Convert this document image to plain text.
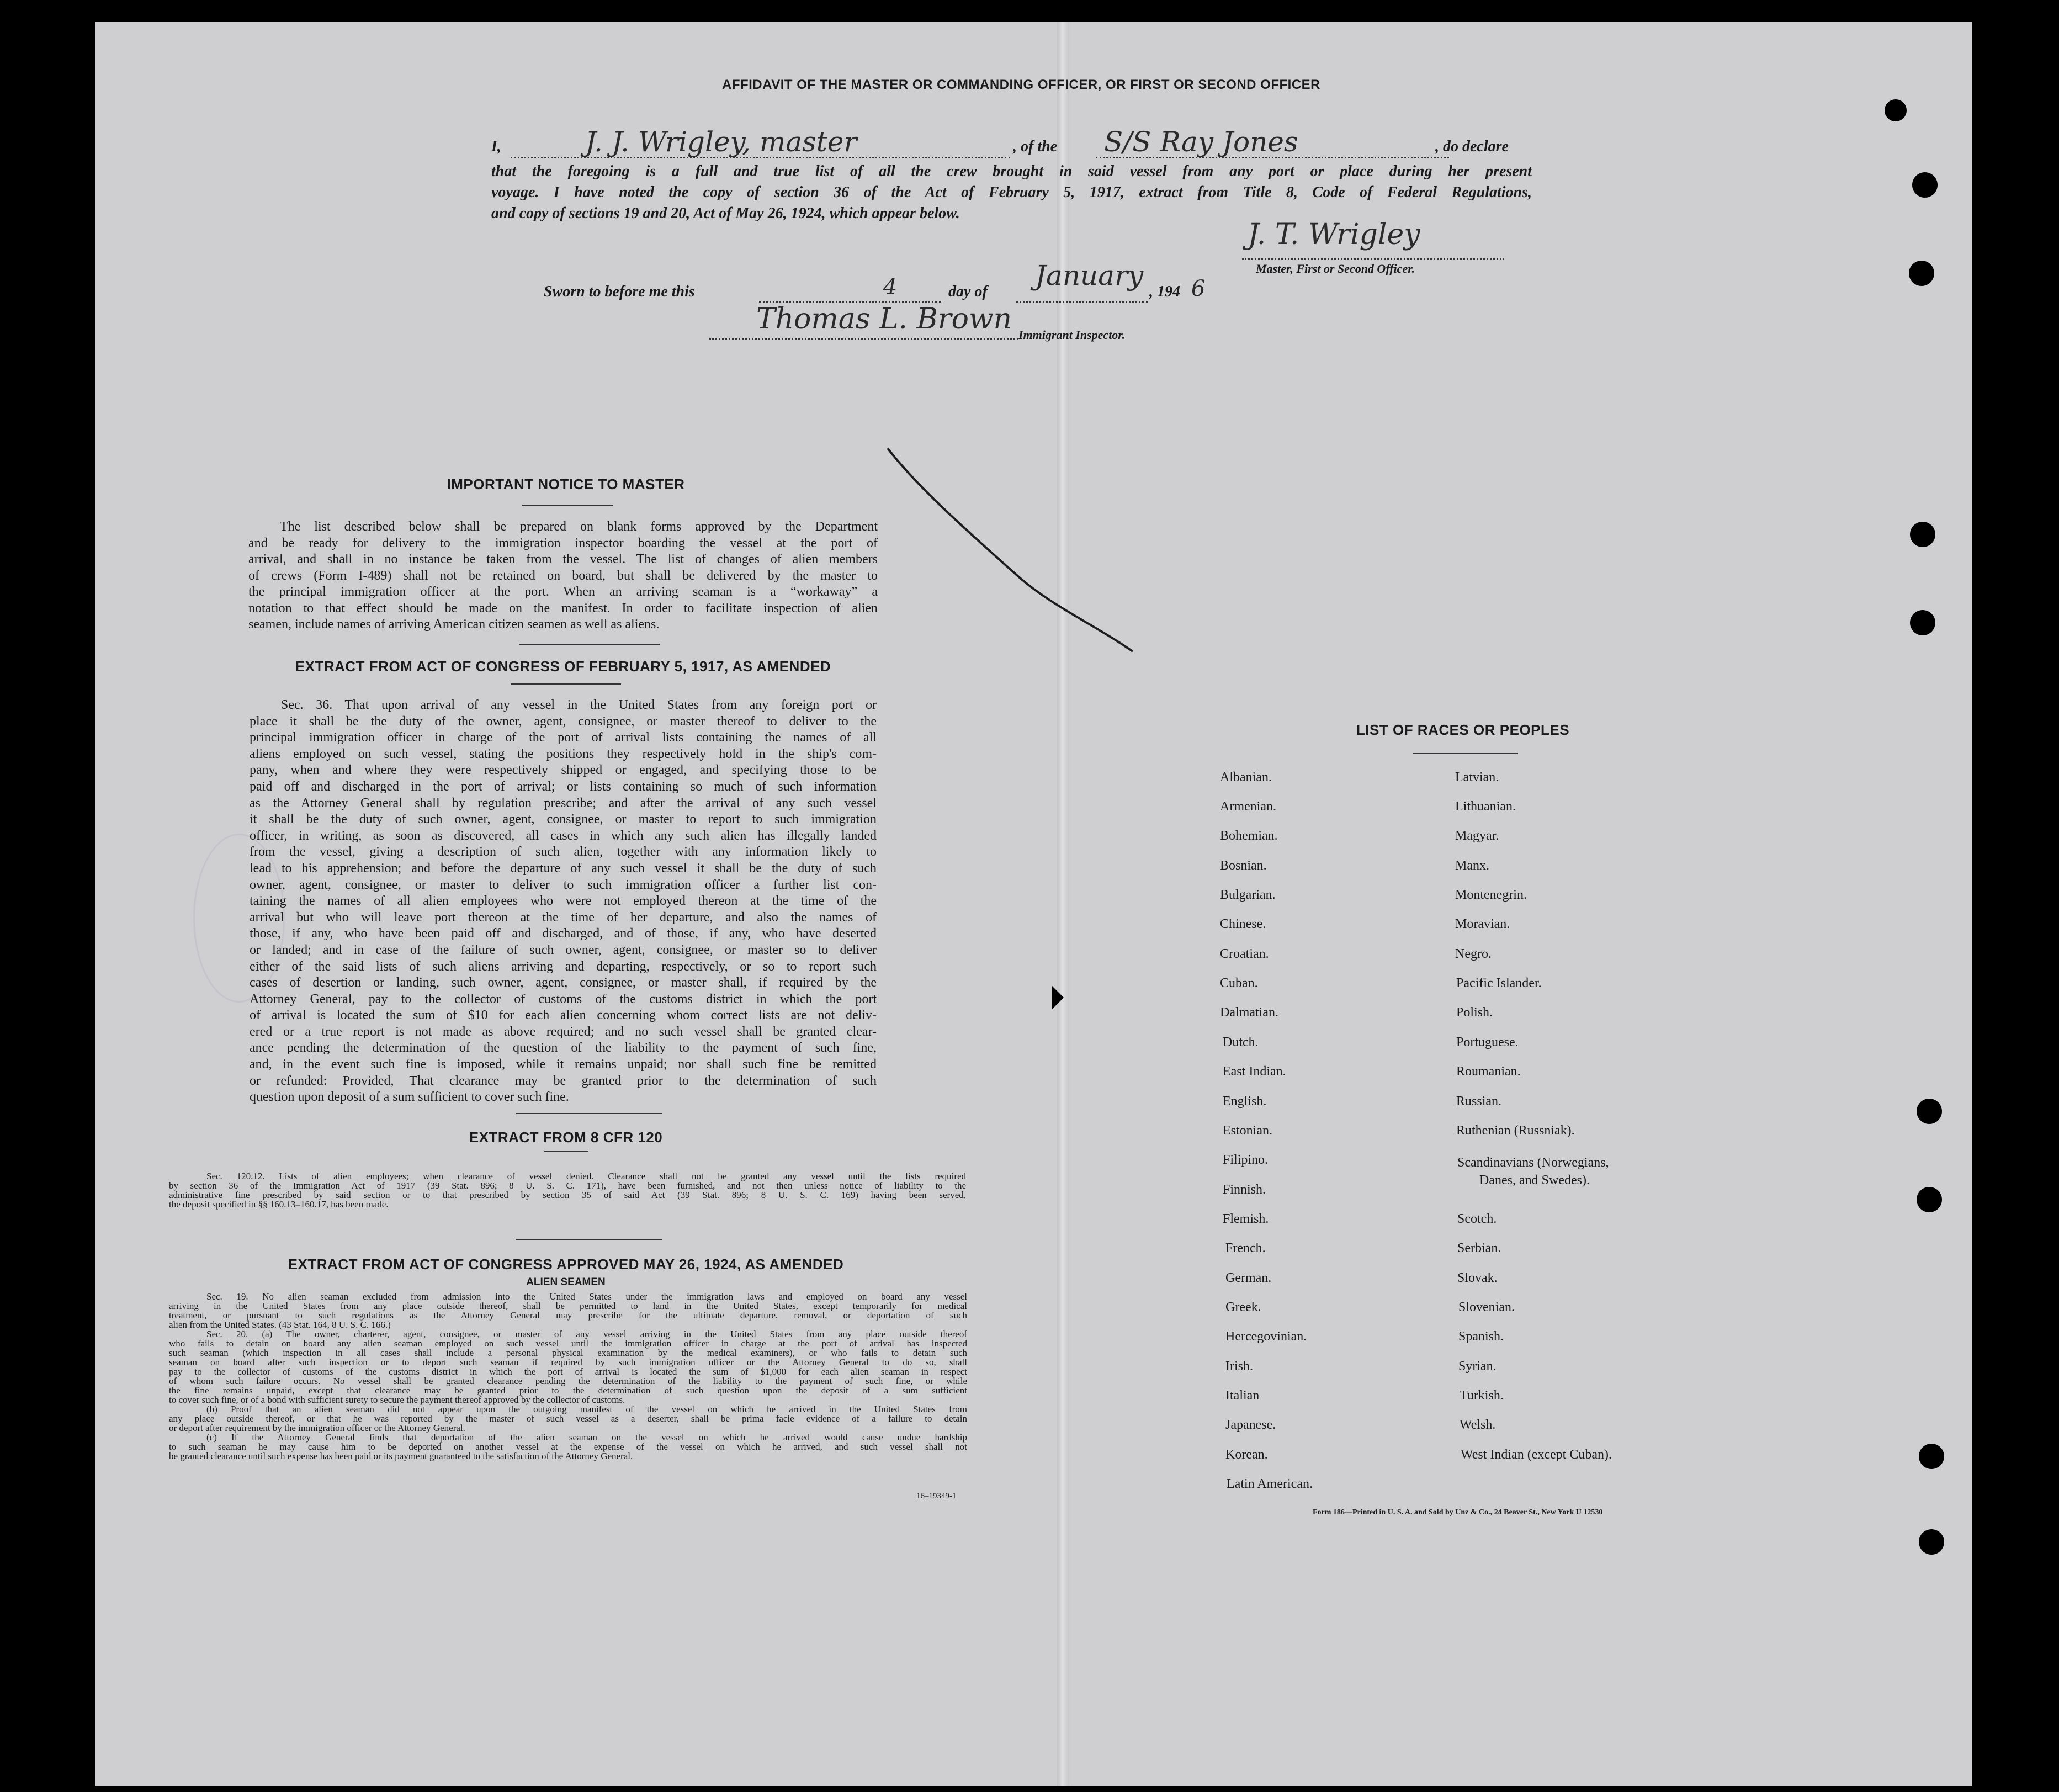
AFFIDAVIT OF THE MASTER OR COMMANDING OFFICER, OR FIRST OR SECOND OFFICER
I,	J. J. Wrigley, master	, of the S/S Ray Jones	, do declare
that the foregoing is a full and true list of all the crew brought in said vessel from any port or place during her present
voyage. I have noted the copy of section 36 of the Act of February 5, 1917, extract from Title 8, Code of Federal Regulations,
and copy of sections 19 and 20, Act of May 26, 1924, which appear below.
J. T. Wrigley
Master, First or Second Officer.
Sworn to before me this	4	day of
January
, 194 6
Thomas L. Brown Immigrant Inspector.
IMPORTANT NOTICE TO MASTER
The list described below shall be prepared on blank forms approved by the Department
and be ready for delivery to the immigration inspector boarding the vessel at the port of
arrival, and shall in no instance be taken from the vessel. The list of changes of alien members
of crews (Form I-489) shall not be retained on board, but shall be delivered by the master to
the principal immigration officer at the port. When an arriving seaman is a “workaway” a
notation to that effect should be made on the manifest. In order to facilitate inspection of alien
seamen, include names of arriving American citizen seamen as well as aliens.
EXTRACT FROM ACT OF CONGRESS OF FEBRUARY 5, 1917, AS AMENDED
Sec. 36. That upon arrival of any vessel in the United States from any foreign port or
place it shall be the duty of the owner, agent, consignee, or master thereof to deliver to the
principal immigration officer in charge of the port of arrival lists containing the names of all
aliens employed on such vessel, stating the positions they respectively hold in the ship's com-
pany, when and where they were respectively shipped or engaged, and specifying those to be
paid off and discharged in the port of arrival; or lists containing so much of such information
as the Attorney General shall by regulation prescribe; and after the arrival of any such vessel
it shall be the duty of such owner, agent, consignee, or master to report to such immigration
officer, in writing, as soon as discovered, all cases in which any such alien has illegally landed
from the vessel, giving a description of such alien, together with any information likely to
lead to his apprehension; and before the departure of any such vessel it shall be the duty of such
owner, agent, consignee, or master to deliver to such immigration officer a further list con-
taining the names of all alien employees who were not employed thereon at the time of the
arrival but who will leave port thereon at the time of her departure, and also the names of
those, if any, who have been paid off and discharged, and of those, if any, who have deserted
or landed; and in case of the failure of such owner, agent, consignee, or master so to deliver
either of the said lists of such aliens arriving and departing, respectively, or so to report such
cases of desertion or landing, such owner, agent, consignee, or master shall, if required by the
Attorney General, pay to the collector of customs of the customs district in which the port
of arrival is located the sum of $10 for each alien concerning whom correct lists are not deliv-
ered or a true report is not made as above required; and no such vessel shall be granted clear-
ance pending the determination of the question of the liability to the payment of such fine,
and, in the event such fine is imposed, while it remains unpaid; nor shall such fine be remitted
or refunded: Provided, That clearance may be granted prior to the determination of such
question upon deposit of a sum sufficient to cover such fine.
EXTRACT FROM 8 CFR 120
Sec. 120.12. Lists of alien employees; when clearance of vessel denied. Clearance shall not be granted any vessel until the lists required
by section 36 of the Immigration Act of 1917 (39 Stat. 896; 8 U. S. C. 171), have been furnished, and not then unless notice of liability to the
administrative fine prescribed by said section or to that prescribed by section 35 of said Act (39 Stat. 896; 8 U. S. C. 169) having been served,
the deposit specified in §§ 160.13–160.17, has been made.
EXTRACT FROM ACT OF CONGRESS APPROVED MAY 26, 1924, AS AMENDED
ALIEN SEAMEN
Sec. 19. No alien seaman excluded from admission into the United States under the immigration laws and employed on board any vessel
arriving in the United States from any place outside thereof, shall be permitted to land in the United States, except temporarily for medical
treatment, or pursuant to such regulations as the Attorney General may prescribe for the ultimate departure, removal, or deportation of such
alien from the United States. (43 Stat. 164, 8 U. S. C. 166.)
Sec. 20. (a) The owner, charterer, agent, consignee, or master of any vessel arriving in the United States from any place outside thereof
who fails to detain on board any alien seaman employed on such vessel until the immigration officer in charge at the port of arrival has inspected
such seaman (which inspection in all cases shall include a personal physical examination by the medical examiners), or who fails to detain such
seaman on board after such inspection or to deport such seaman if required by such immigration officer or the Attorney General to do so, shall
pay to the collector of customs of the customs district in which the port of arrival is located the sum of $1,000 for each alien seaman in respect
of whom such failure occurs. No vessel shall be granted clearance pending the determination of the liability to the payment of such fine, or while
the fine remains unpaid, except that clearance may be granted prior to the determination of such question upon the deposit of a sum sufficient
to cover such fine, or of a bond with sufficient surety to secure the payment thereof approved by the collector of customs.
(b) Proof that an alien seaman did not appear upon the outgoing manifest of the vessel on which he arrived in the United States from
any place outside thereof, or that he was reported by the master of such vessel as a deserter, shall be prima facie evidence of a failure to detain
or deport after requirement by the immigration officer or the Attorney General.
(c) If the Attorney General finds that deportation of the alien seaman on the vessel on which he arrived would cause undue hardship
to such seaman he may cause him to be deported on another vessel at the expense of the vessel on which he arrived, and such vessel shall not
be granted clearance until such expense has been paid or its payment guaranteed to the satisfaction of the Attorney General.
16–19349-1
LIST OF RACES OR PEOPLES
Albanian.
Armenian.
Bohemian.
Bosnian.
Bulgarian.
Chinese.
Croatian.
Cuban.
Dalmatian.
Dutch.
East Indian.
English.
Estonian.
Filipino.
Finnish.
Flemish.
French.
German.
Greek.
Hercegovinian.
Irish.
Italian
Japanese.
Korean.
Latin American.
Latvian.
Lithuanian.
Magyar.
Manx.
Montenegrin.
Moravian.
Negro.
Pacific Islander.
Polish.
Portuguese.
Roumanian.
Russian.
Ruthenian (Russniak).
Scandinavians (Norwegians,
Danes, and Swedes).
Scotch.
Serbian.
Slovak.
Slovenian.
Spanish.
Syrian.
Turkish.
Welsh.
West Indian (except Cuban).
Form 186—Printed in U. S. A. and Sold by Unz & Co., 24 Beaver St., New York U 12530
